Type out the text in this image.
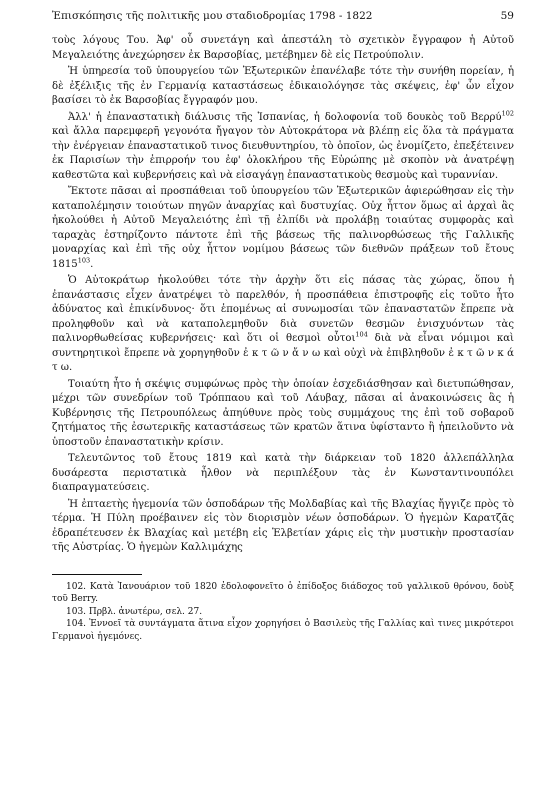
Ἐπισκόπησις τῆς πολιτικῆς μου σταδιοδρομίας 1798 - 1822	59

τοὺς λόγους Του. Ἀφ' οὗ συνετάγη καὶ ἀπεστάλη τὸ σχετικὸν ἔγγραφον ἡ Αὐτοῦ Μεγαλειότης ἀνεχώρησεν ἐκ Βαρσοβίας, μετέβημεν δὲ εἰς Πετρούπολιν.

Ἡ ὑπηρεσία τοῦ ὑπουργείου τῶν Ἐξωτερικῶν ἐπανέλαβε τότε τὴν συνήθη πορείαν, ἡ δὲ ἐξέλιξις τῆς ἐν Γερμανίᾳ καταστάσεως ἐδικαιολόγησε τὰς σκέψεις, ἐφ' ὧν εἶχον βασίσει τὸ ἐκ Βαρσοβίας ἔγγραφόν μου.

Ἀλλ' ἡ ἐπαναστατικὴ διάλυσις τῆς Ἱσπανίας, ἡ δολοφονία τοῦ δουκὸς τοῦ Βερρύ$^{102}$ καὶ ἄλλα παρεμφερῆ γεγονότα ἤγαγον τὸν Αὐτοκράτορα νὰ βλέπῃ εἰς ὅλα τὰ πράγματα τὴν ἐνέργειαν ἐπαναστατικοῦ τινος διευθυντηρίου, τὸ ὁποῖον, ὡς ἐνομίζετο, ἐπεξέτεινεν ἐκ Παρισίων τὴν ἐπιρροήν του ἐφ' ὁλοκλήρου τῆς Εὐρώπης μὲ σκοπὸν νὰ ἀνατρέψῃ καθεστῶτα καὶ κυβερνήσεις καὶ νὰ εἰσαγάγῃ ἐπαναστατικοὺς θεσμοὺς καὶ τυραννίαν.

Ἔκτοτε πᾶσαι αἱ προσπάθειαι τοῦ ὑπουργείου τῶν Ἐξωτερικῶν ἀφιερώθησαν εἰς τὴν καταπολέμησιν τοιούτων πηγῶν ἀναρχίας καὶ δυστυχίας. Οὐχ ἧττον ὅμως αἱ ἀρχαὶ ἃς ἠκολούθει ἡ Αὐτοῦ Μεγαλειότης ἐπὶ τῇ ἐλπίδι νὰ προλάβῃ τοιαύτας συμφορὰς καὶ ταραχὰς ἐστηρίζοντο πάντοτε ἐπὶ τῆς βάσεως τῆς παλινορθώσεως τῆς Γαλλικῆς μοναρχίας καὶ ἐπὶ τῆς οὐχ ἧττον νομίμου βάσεως τῶν διεθνῶν πράξεων τοῦ ἔτους 1815$^{103}$.

Ὁ Αὐτοκράτωρ ἠκολούθει τότε τὴν ἀρχὴν ὅτι εἰς πάσας τὰς χώρας, ὅπου ἡ ἐπανάστασις εἶχεν ἀνατρέψει τὸ παρελθόν, ἡ προσπάθεια ἐπιστροφῆς εἰς τοῦτο ἦτο ἀδύνατος καὶ ἐπικίνδυνος· ὅτι ἑπομένως αἱ συνωμοσίαι τῶν ἐπαναστατῶν ἔπρεπε νὰ προληφθοῦν καὶ νὰ καταπολεμηθοῦν διὰ συνετῶν θεσμῶν ἐνισχυόντων τὰς παλινορθωθείσας κυβερνήσεις· καὶ ὅτι οἱ θεσμοὶ οὗτοι$^{104}$ διὰ νὰ εἶναι νόμιμοι καὶ συντηρητικοὶ ἔπρεπε νὰ χορηγηθοῦν ἐ κ τ ῶ ν ἄ ν ω καὶ οὐχὶ νὰ ἐπιβληθοῦν ἐ κ τ ῶ ν κ ά τ ω.

Τοιαύτη ἦτο ἡ σκέψις συμφώνως πρὸς τὴν ὁποίαν ἐσχεδιάσθησαν καὶ διετυπώθησαν, μέχρι τῶν συνεδρίων τοῦ Τρόππαου καὶ τοῦ Λάυβαχ, πᾶσαι αἱ ἀνακοινώσεις ἃς ἡ Κυβέρνησις τῆς Πετρουπόλεως ἀπηύθυνε πρὸς τοὺς συμμάχους της ἐπὶ τοῦ σοβαροῦ ζητήματος τῆς ἐσωτερικῆς καταστάσεως τῶν κρατῶν ἅτινα ὑφίσταντο ἢ ἠπειλοῦντο νὰ ὑποστοῦν ἐπαναστατικὴν κρίσιν.

Τελευτῶντος τοῦ ἔτους 1819 καὶ κατὰ τὴν διάρκειαν τοῦ 1820 ἀλλεπάλληλα δυσάρεστα περιστατικὰ ἦλθον νὰ περιπλέξουν τὰς ἐν Κωνσταντινουπόλει διαπραγματεύσεις.

Ἡ ἐπταετὴς ἡγεμονία τῶν ὁσποδάρων τῆς Μολδαβίας καὶ τῆς Βλαχίας ἤγγιζε πρὸς τὸ τέρμα. Ἡ Πύλη προέβαινεν εἰς τὸν διορισμὸν νέων ὁσποδάρων. Ὁ ἡγεμὼν Καρατζᾶς ἐδραπέτευσεν ἐκ Βλαχίας καὶ μετέβη εἰς Ἑλβετίαν χάρις εἰς τὴν μυστικὴν προστασίαν τῆς Αὐστρίας. Ὁ ἡγεμὼν Καλλιμάχης

102. Κατὰ Ἰανουάριον τοῦ 1820 ἐδολοφονεῖτο ὁ ἐπίδοξος διάδοχος τοῦ γαλλικοῦ θρόνου, δοὺξ τοῦ Berry.

103. Πρβλ. ἀνωτέρω, σελ. 27.

104. Ἐννοεῖ τὰ συντάγματα ἅτινα εἶχον χορηγήσει ὁ Βασιλεὺς τῆς Γαλλίας καὶ τινες μικρότεροι Γερμανοὶ ἡγεμόνες.
